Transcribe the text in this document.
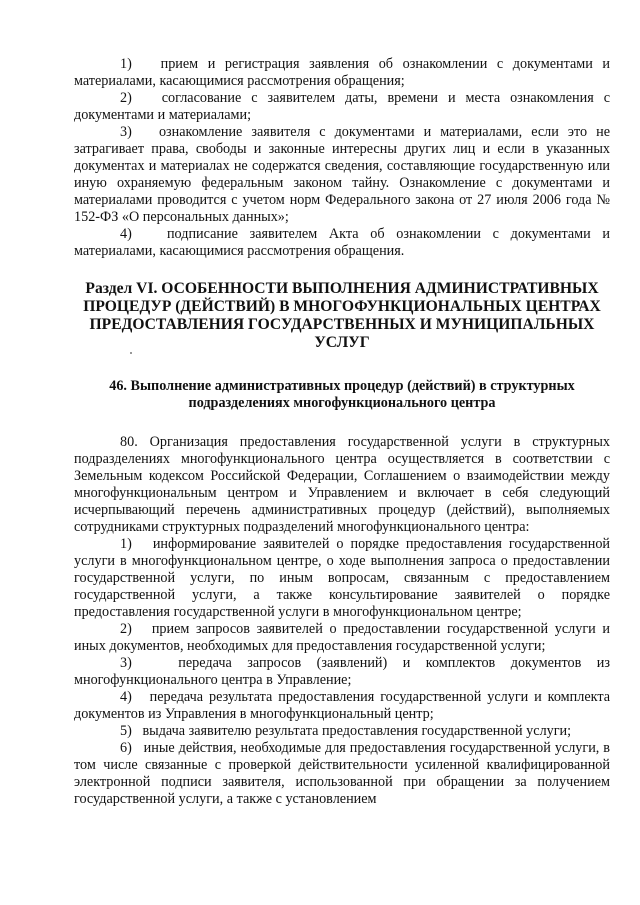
1) прием и регистрация заявления об ознакомлении с документами и материалами, касающимися рассмотрения обращения;

2) согласование с заявителем даты, времени и места ознакомления с документами и материалами;

3) ознакомление заявителя с документами и материалами, если это не затрагивает права, свободы и законные интересны других лиц и если в указанных документах и материалах не содержатся сведения, составляющие государственную или иную охраняемую федеральным законом тайну. Ознакомление с документами и материалами проводится с учетом норм Федерального закона от 27 июля 2006 года № 152-ФЗ «О персональных данных»;

4) подписание заявителем Акта об ознакомлении с документами и материалами, касающимися рассмотрения обращения.

Раздел VI. ОСОБЕННОСТИ ВЫПОЛНЕНИЯ АДМИНИСТРАТИВНЫХ ПРОЦЕДУР (ДЕЙСТВИЙ) В МНОГОФУНКЦИОНАЛЬНЫХ ЦЕНТРАХ ПРЕДОСТАВЛЕНИЯ ГОСУДАРСТВЕННЫХ И МУНИЦИПАЛЬНЫХ УСЛУГ
46. Выполнение административных процедур (действий) в структурных подразделениях многофункционального центра

80. Организация предоставления государственной услуги в структурных подразделениях многофункционального центра осуществляется в соответствии с Земельным кодексом Российской Федерации, Соглашением о взаимодействии между многофункциональным центром и Управлением и включает в себя следующий исчерпывающий перечень административных процедур (действий), выполняемых сотрудниками структурных подразделений многофункционального центра:

1) информирование заявителей о порядке предоставления государственной услуги в многофункциональном центре, о ходе выполнения запроса о предоставлении государственной услуги, по иным вопросам, связанным с предоставлением государственной услуги, а также консультирование заявителей о порядке предоставления государственной услуги в многофункциональном центре;

2) прием запросов заявителей о предоставлении государственной услуги и иных документов, необходимых для предоставления государственной услуги;

3)	передача запросов (заявлений) и комплектов документов из многофункционального центра в Управление;

4) передача результата предоставления государственной услуги и комплекта документов из Управления в многофункциональный центр;

5) выдача заявителю результата предоставления государственной услуги;

6) иные действия, необходимые для предоставления государственной услуги, в том числе связанные с проверкой действительности усиленной квалифицированной электронной подписи заявителя, использованной при обращении за получением государственной услуги, а также с установлением
